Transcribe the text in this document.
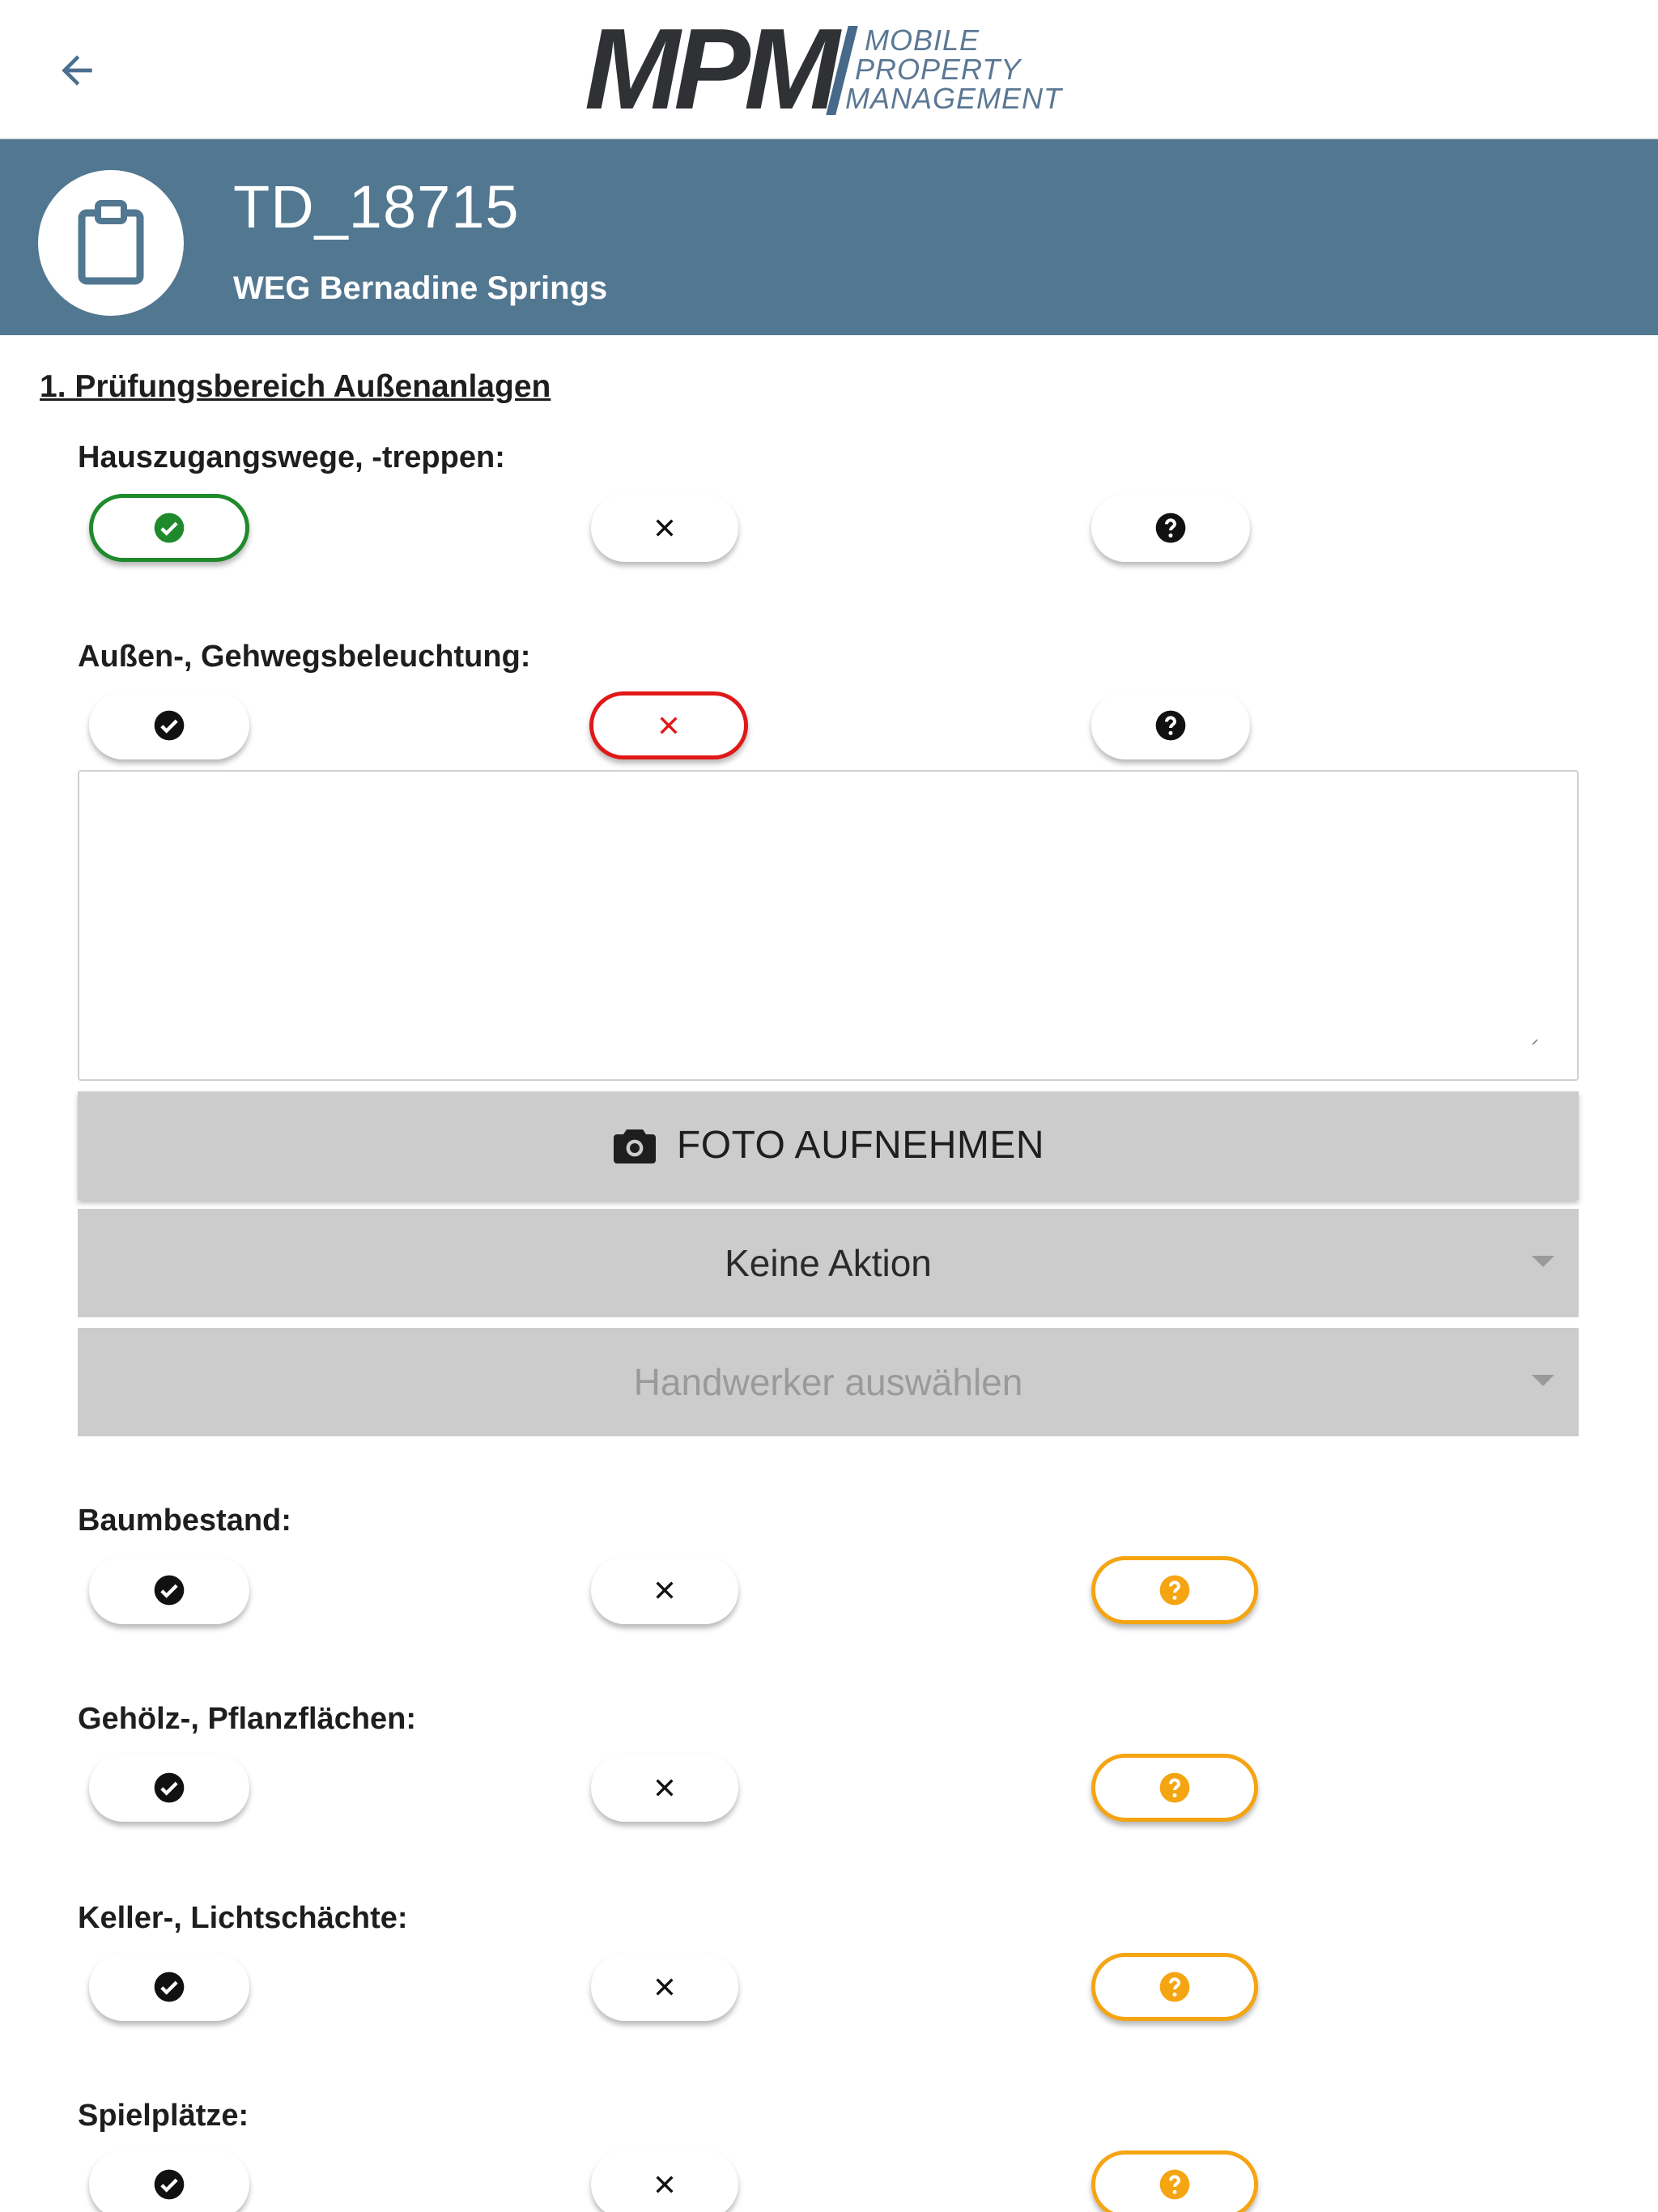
MPM MOBILE
PROPERTY
MANAGEMENT
TD_18715
WEG Bernadine Springs
1. Prüfungsbereich Außenanlagen
Hauszugangswege, -treppen:
Außen-, Gehwegsbeleuchtung:
FOTO AUFNEHMEN
Keine Aktion
Handwerker auswählen
Baumbestand:
Gehölz-, Pflanzflächen:
Keller-, Lichtschächte:
Spielplätze:
